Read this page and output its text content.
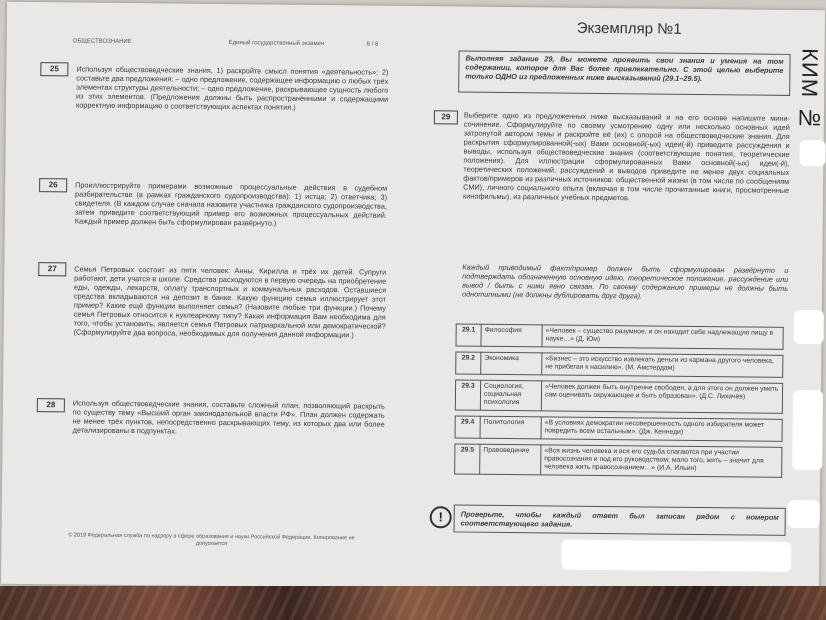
ОБЩЕСТВОЗНАНИЕ	Единый государственный экзамен	8 / 8
25	Используя обществоведческие знания, 1) раскройте смысл понятия «деятельность»; 2) составьте два предложения: – одно предложение, содержащее информацию о любых трёх элементах структуры деятельности; – одно предложение, раскрывающее сущность любого из этих элементов. (Предложения должны быть распространёнными и содержащими корректную информацию о соответствующих аспектах понятия.)
26	Проиллюстрируйте примерами возможные процессуальные действия в судебном разбирательстве (в рамках гражданского судопроизводства): 1) истца; 2) ответчика; 3) свидетеля. (В каждом случае сначала назовите участника гражданского судопроизводства, затем приведите соответствующий пример его возможных процессуальных действий. Каждый пример должен быть сформулирован развёрнуто.)
27	Семья Петровых состоит из пяти человек: Анны, Кирилла и трёх их детей. Супруги работают, дети учатся в школе. Средства расходуются в первую очередь на приобретение еды, одежды, лекарств, оплату транспортных и коммунальных расходов. Оставшиеся средства вкладываются на депозит в банке. Какую функцию семья иллюстрирует этот пример? Какие ещё функции выполняет семья? (Назовите любые три функции.) Почему семья Петровых относится к нуклеарному типу? Какая информация Вам необходима для того, чтобы установить, является семья Петровых патриархальной или демократической? (Сформулируйте два вопроса, необходимых для получения данной информации.)
28	Используя обществоведческие знания, составьте сложный план, позволяющий раскрыть по существу тему «Высший орган законодательной власти РФ». План должен содержать не менее трёх пунктов, непосредственно раскрывающих тему, из которых два или более детализированы в подпунктах.
© 2019 Федеральная служба по надзору в сфере образования и науки Российской Федерации. Копирование не допускается
Экземпляр №1
КИМ №
Выполняя задание 29, Вы можете проявить свои знания и умения на том содержании, которое для Вас более привлекательно. С этой целью выберите только ОДНО из предложенных ниже высказываний (29.1–29.5).
29	Выберите одно из предложенных ниже высказываний и на его основе напишите мини-сочинение. Сформулируйте по своему усмотрению одну или несколько основных идей затронутой автором темы и раскройте её (их) с опорой на обществоведческие знания. Для раскрытия сформулированной(-ых) Вами основной(-ых) идеи(-й) приведите рассуждения и выводы, используя обществоведческие знания (соответствующие понятия, теоретические положения). Для иллюстрации сформулированных Вами основной(-ых) идеи(-й), теоретических положений, рассуждений и выводов приведите не менее двух социальных фактов/примеров из различных источников: общественной жизни (в том числе по сообщениям СМИ), личного социального опыта (включая в том числе прочитанные книги, просмотренные кинофильмы), из различных учебных предметов.
Каждый приводимый факт/пример должен быть сформулирован развёрнуто и подтверждать обозначенную основную идею, теоретическое положение, рассуждение или вывод / быть с ними явно связан. По своему содержанию примеры не должны быть однотипными (не должны дублировать друг друга).
29.1	Философия	«Человек – существо разумное, и он находит себе надлежащую пищу в науке…» (Д. Юм)

29.2	Экономика	«Бизнес – это искусство извлекать деньги из кармана другого человека, не прибегая к насилию». (М. Амстердам)

29.3	Социология, социальная психология	«Человек должен быть внутренне свободен, а для этого он должен уметь сам оценивать окружающее и быть образован». (Д.С. Лихачёв)

29.4	Политология	«В условиях демократии несовершенность одного избирателя может повредить всем остальным». (Дж. Кеннеди)

29.5	Правоведение	«Вся жизнь человека и вся его судьба слагаются при участии правосознания и под его руководством; мало того, жить – значит для человека жить правосознанием…» (И.А. Ильин)
!	Проверьте, чтобы каждый ответ был записан рядом с номером соответствующего задания.
